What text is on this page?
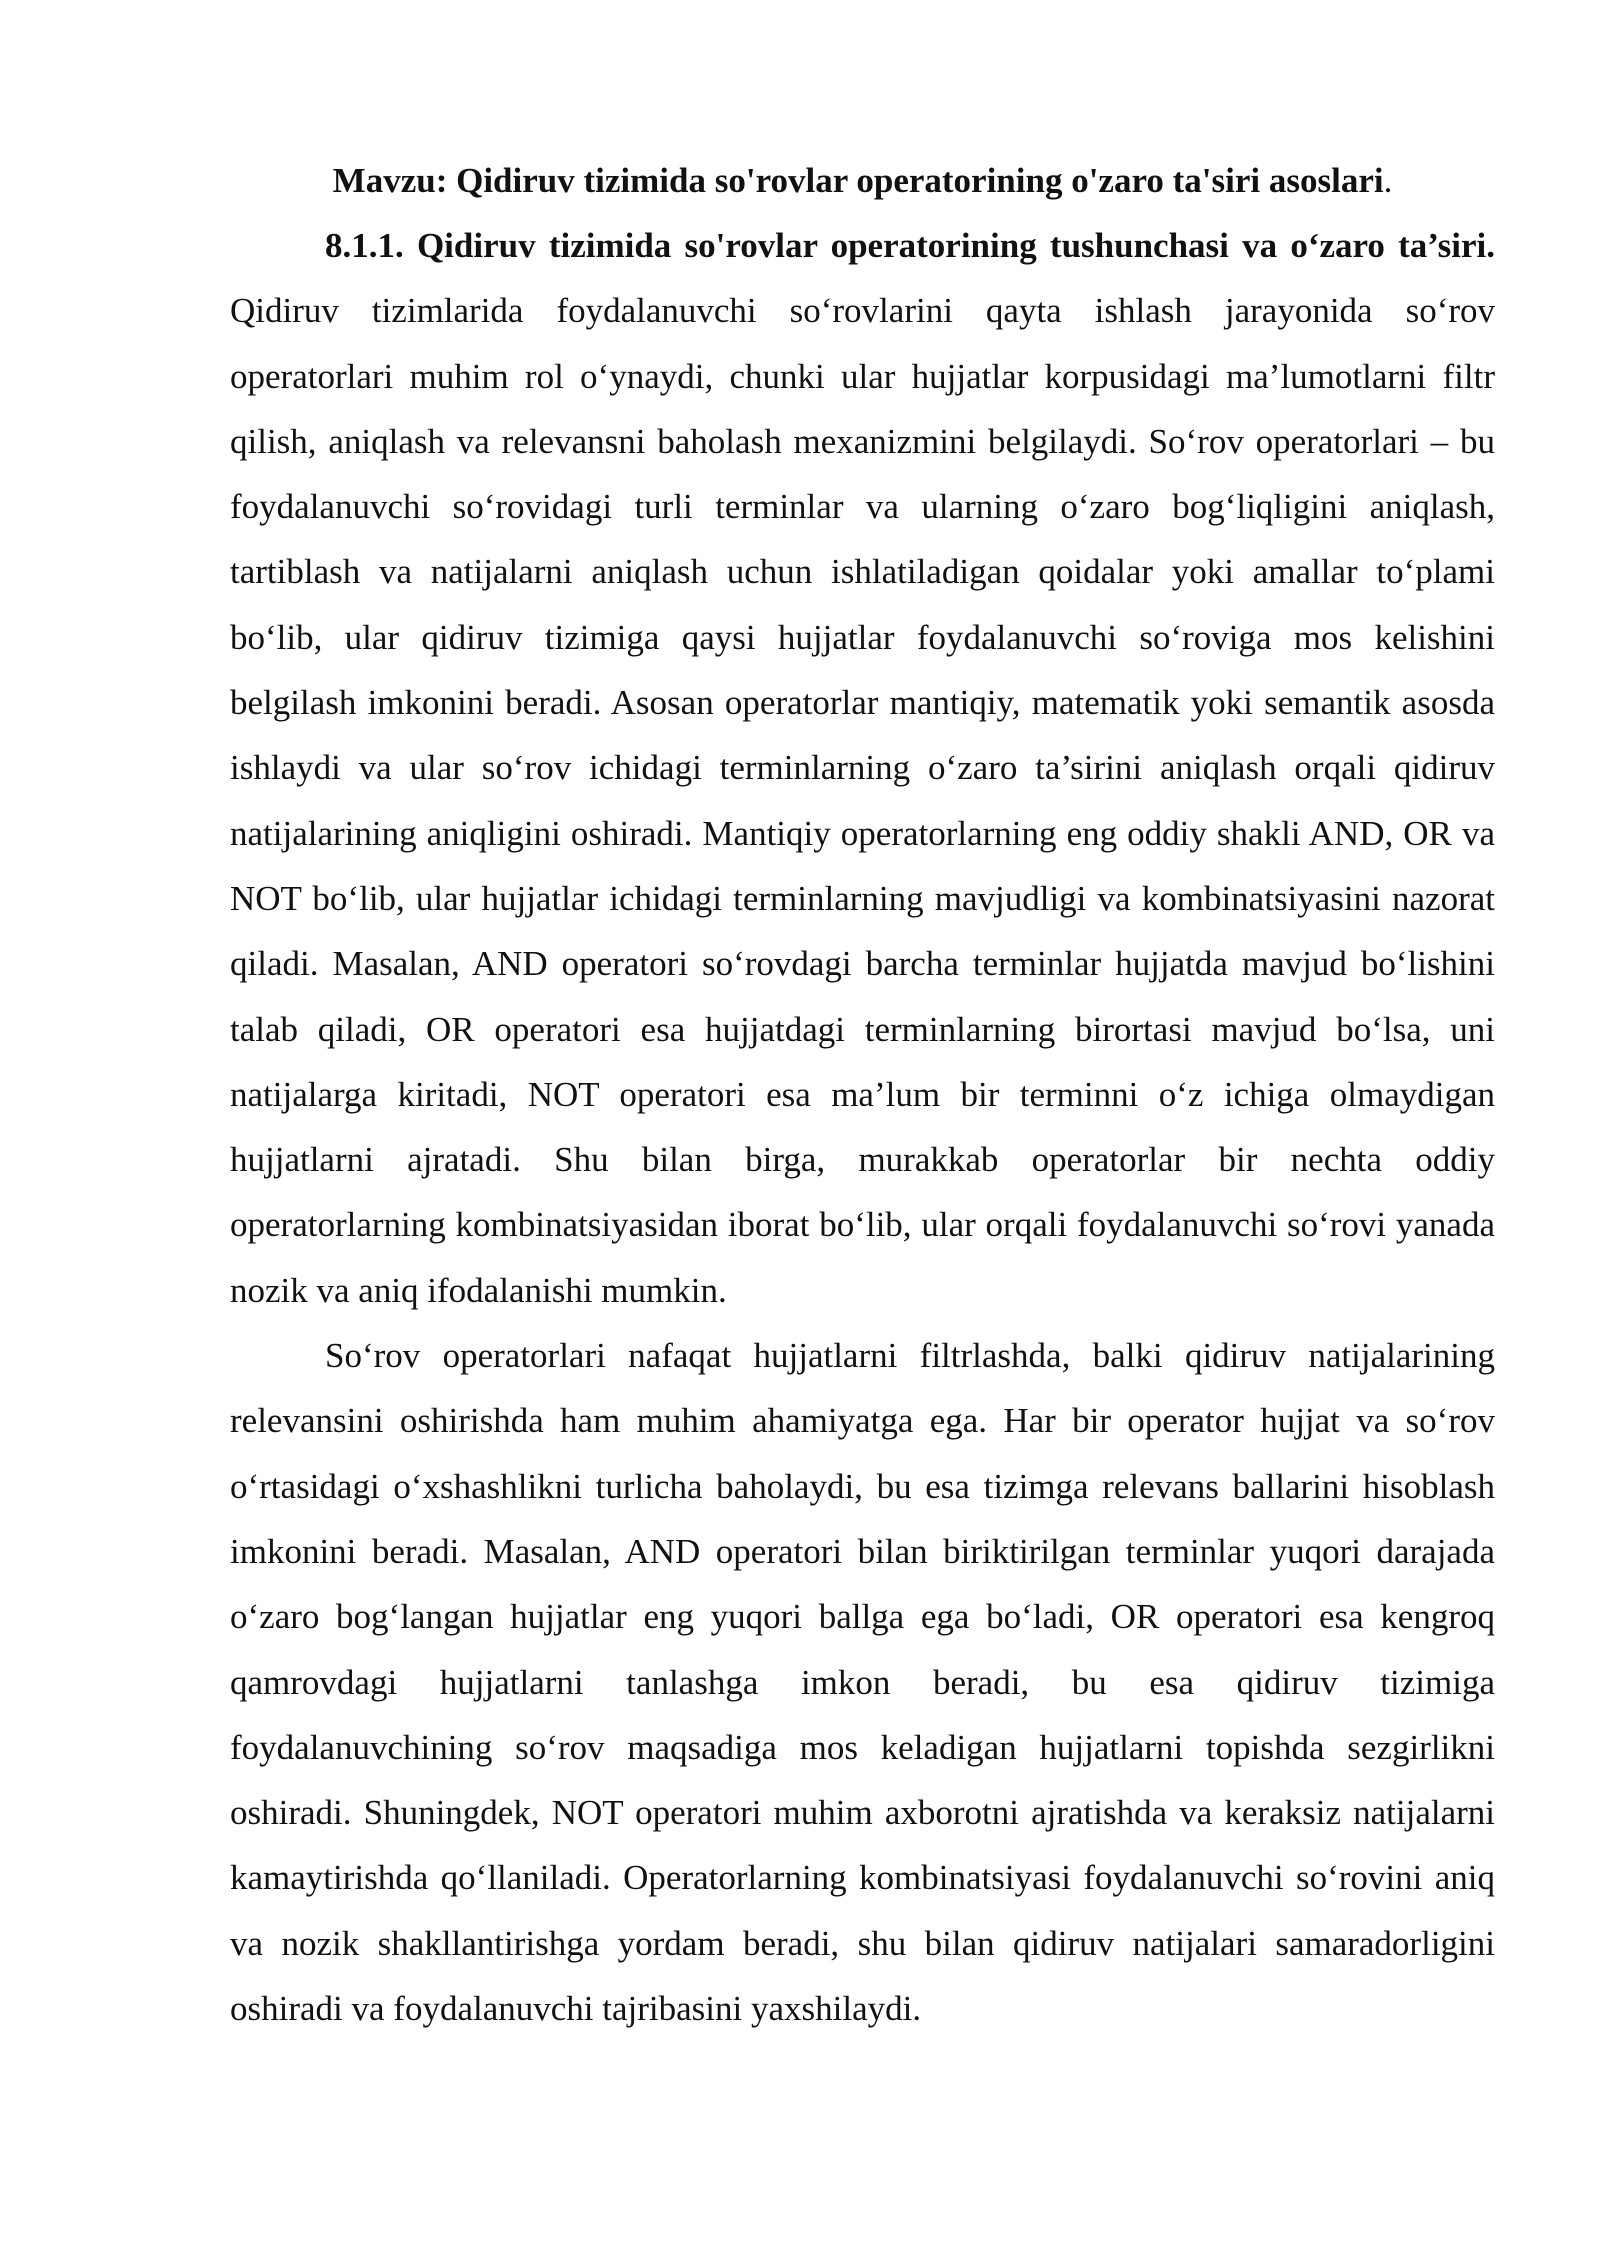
Mavzu: Qidiruv tizimida so'rovlar operatorining o'zaro ta'siri asoslari.

8.1.1. Qidiruv tizimida so'rovlar operatorining tushunchasi va o‘zaro ta’siri. Qidiruv tizimlarida foydalanuvchi so‘rovlarini qayta ishlash jarayonida so‘rov operatorlari muhim rol o‘ynaydi, chunki ular hujjatlar korpusidagi ma’lumotlarni filtr qilish, aniqlash va relevansni baholash mexanizmini belgilaydi. So‘rov operatorlari – bu foydalanuvchi so‘rovidagi turli terminlar va ularning o‘zaro bog‘liqligini aniqlash, tartiblash va natijalarni aniqlash uchun ishlatiladigan qoidalar yoki amallar to‘plami bo‘lib, ular qidiruv tizimiga qaysi hujjatlar foydalanuvchi so‘roviga mos kelishini belgilash imkonini beradi. Asosan operatorlar mantiqiy, matematik yoki semantik asosda ishlaydi va ular so‘rov ichidagi terminlarning o‘zaro ta’sirini aniqlash orqali qidiruv natijalarining aniqligini oshiradi. Mantiqiy operatorlarning eng oddiy shakli AND, OR va NOT bo‘lib, ular hujjatlar ichidagi terminlarning mavjudligi va kombinatsiyasini nazorat qiladi. Masalan, AND operatori so‘rovdagi barcha terminlar hujjatda mavjud bo‘lishini talab qiladi, OR operatori esa hujjatdagi terminlarning birortasi mavjud bo‘lsa, uni natijalarga kiritadi, NOT operatori esa ma’lum bir terminni o‘z ichiga olmaydigan hujjatlarni ajratadi. Shu bilan birga, murakkab operatorlar bir nechta oddiy operatorlarning kombinatsiyasidan iborat bo‘lib, ular orqali foydalanuvchi so‘rovi yanada nozik va aniq ifodalanishi mumkin.

So‘rov operatorlari nafaqat hujjatlarni filtrlashda, balki qidiruv natijalarining relevansini oshirishda ham muhim ahamiyatga ega. Har bir operator hujjat va so‘rov o‘rtasidagi o‘xshashlikni turlicha baholaydi, bu esa tizimga relevans ballarini hisoblash imkonini beradi. Masalan, AND operatori bilan biriktirilgan terminlar yuqori darajada o‘zaro bog‘langan hujjatlar eng yuqori ballga ega bo‘ladi, OR operatori esa kengroq qamrovdagi hujjatlarni tanlashga imkon beradi, bu esa qidiruv tizimiga foydalanuvchining so‘rov maqsadiga mos keladigan hujjatlarni topishda sezgirlikni oshiradi. Shuningdek, NOT operatori muhim axborotni ajratishda va keraksiz natijalarni kamaytirishda qo‘llaniladi. Operatorlarning kombinatsiyasi foydalanuvchi so‘rovini aniq va nozik shakllantirishga yordam beradi, shu bilan qidiruv natijalari samaradorligini oshiradi va foydalanuvchi tajribasini yaxshilaydi.
